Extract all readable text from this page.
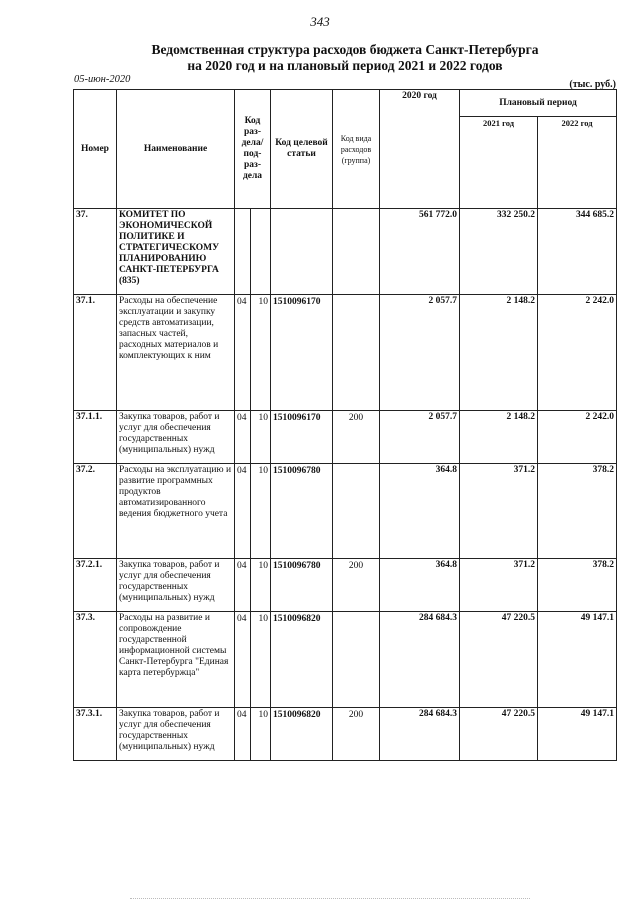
343
Ведомственная структура расходов бюджета Санкт-Петербурга
на 2020 год и на плановый период 2021 и 2022 годов
05-июн-2020	(тыс. руб.)
Номер	Наименование	Код раз-дела/ под-раз-дела		Код целевой статьи	Код вида расходов (группа)	2020 год	Плановый период	
							2021 год	2022 год
37.	КОМИТЕТ ПО ЭКОНОМИЧЕСКОЙ ПОЛИТИКЕ И СТРАТЕГИЧЕСКОМУ ПЛАНИРОВАНИЮ САНКТ-ПЕТЕРБУРГА (835)					561 772.0	332 250.2	344 685.2
37.1.	Расходы на обеспечение эксплуатации и закупку средств автоматизации, запасных частей, расходных материалов и комплектующих к ним	04	10	1510096170		2 057.7	2 148.2	2 242.0
37.1.1.	Закупка товаров, работ и услуг для обеспечения государственных (муниципальных) нужд	04	10	1510096170	200	2 057.7	2 148.2	2 242.0
37.2.	Расходы на эксплуатацию и развитие программных продуктов автоматизированного ведения бюджетного учета	04	10	1510096780		364.8	371.2	378.2
37.2.1.	Закупка товаров, работ и услуг для обеспечения государственных (муниципальных) нужд	04	10	1510096780	200	364.8	371.2	378.2
37.3.	Расходы на развитие и сопровождение государственной информационной системы Санкт-Петербурга "Единая карта петербуржца"	04	10	1510096820		284 684.3	47 220.5	49 147.1
37.3.1.	Закупка товаров, работ и услуг для обеспечения государственных (муниципальных) нужд	04	10	1510096820	200	284 684.3	47 220.5	49 147.1
